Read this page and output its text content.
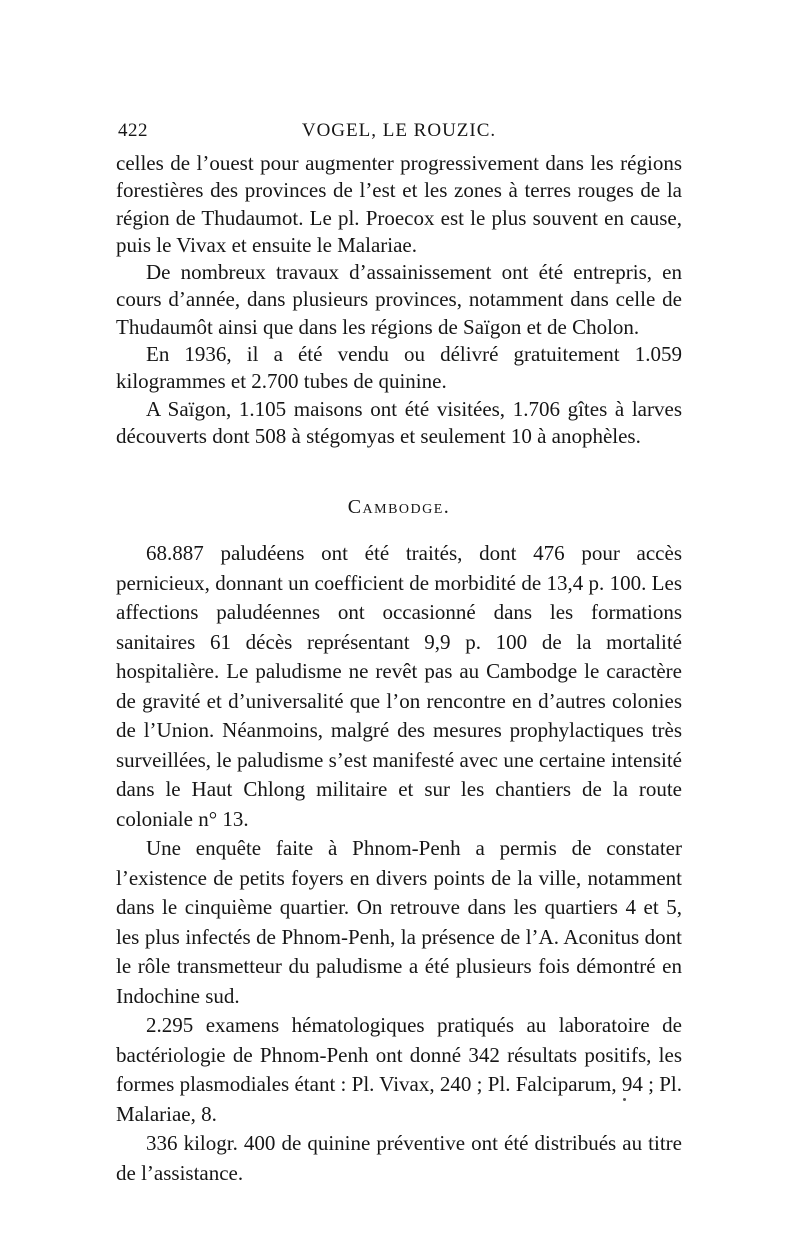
422	VOGEL, LE ROUZIC.

celles de l’ouest pour augmenter progressivement dans les régions forestières des provinces de l’est et les zones à terres rouges de la région de Thudaumot. Le pl. Proecox est le plus souvent en cause, puis le Vivax et ensuite le Malariae.

De nombreux travaux d’assainissement ont été entrepris, en cours d’année, dans plusieurs provinces, notamment dans celle de Thudaumôt ainsi que dans les régions de Saïgon et de Cholon.

En 1936, il a été vendu ou délivré gratuitement 1.059 kilogrammes et 2.700 tubes de quinine.

A Saïgon, 1.105 maisons ont été visitées, 1.706 gîtes à larves découverts dont 508 à stégomyas et seulement 10 à anophèles.

Cambodge.

68.887 paludéens ont été traités, dont 476 pour accès pernicieux, donnant un coefficient de morbidité de 13,4 p. 100. Les affections paludéennes ont occasionné dans les formations sanitaires 61 décès représentant 9,9 p. 100 de la mortalité hospitalière. Le paludisme ne revêt pas au Cambodge le caractère de gravité et d’universalité que l’on rencontre en d’autres colonies de l’Union. Néanmoins, malgré des mesures prophylactiques très surveillées, le paludisme s’est manifesté avec une certaine intensité dans le Haut Chlong militaire et sur les chantiers de la route coloniale n° 13.

Une enquête faite à Phnom-Penh a permis de constater l’existence de petits foyers en divers points de la ville, notamment dans le cinquième quartier. On retrouve dans les quartiers 4 et 5, les plus infectés de Phnom-Penh, la présence de l’A. Aconitus dont le rôle transmetteur du paludisme a été plusieurs fois démontré en Indochine sud.

2.295 examens hématologiques pratiqués au laboratoire de bactériologie de Phnom-Penh ont donné 342 résultats positifs, les formes plasmodiales étant : Pl. Vivax, 240 ; Pl. Falciparum, 94 ; Pl. Malariae, 8.

336 kilogr. 400 de quinine préventive ont été distribués au titre de l’assistance.
